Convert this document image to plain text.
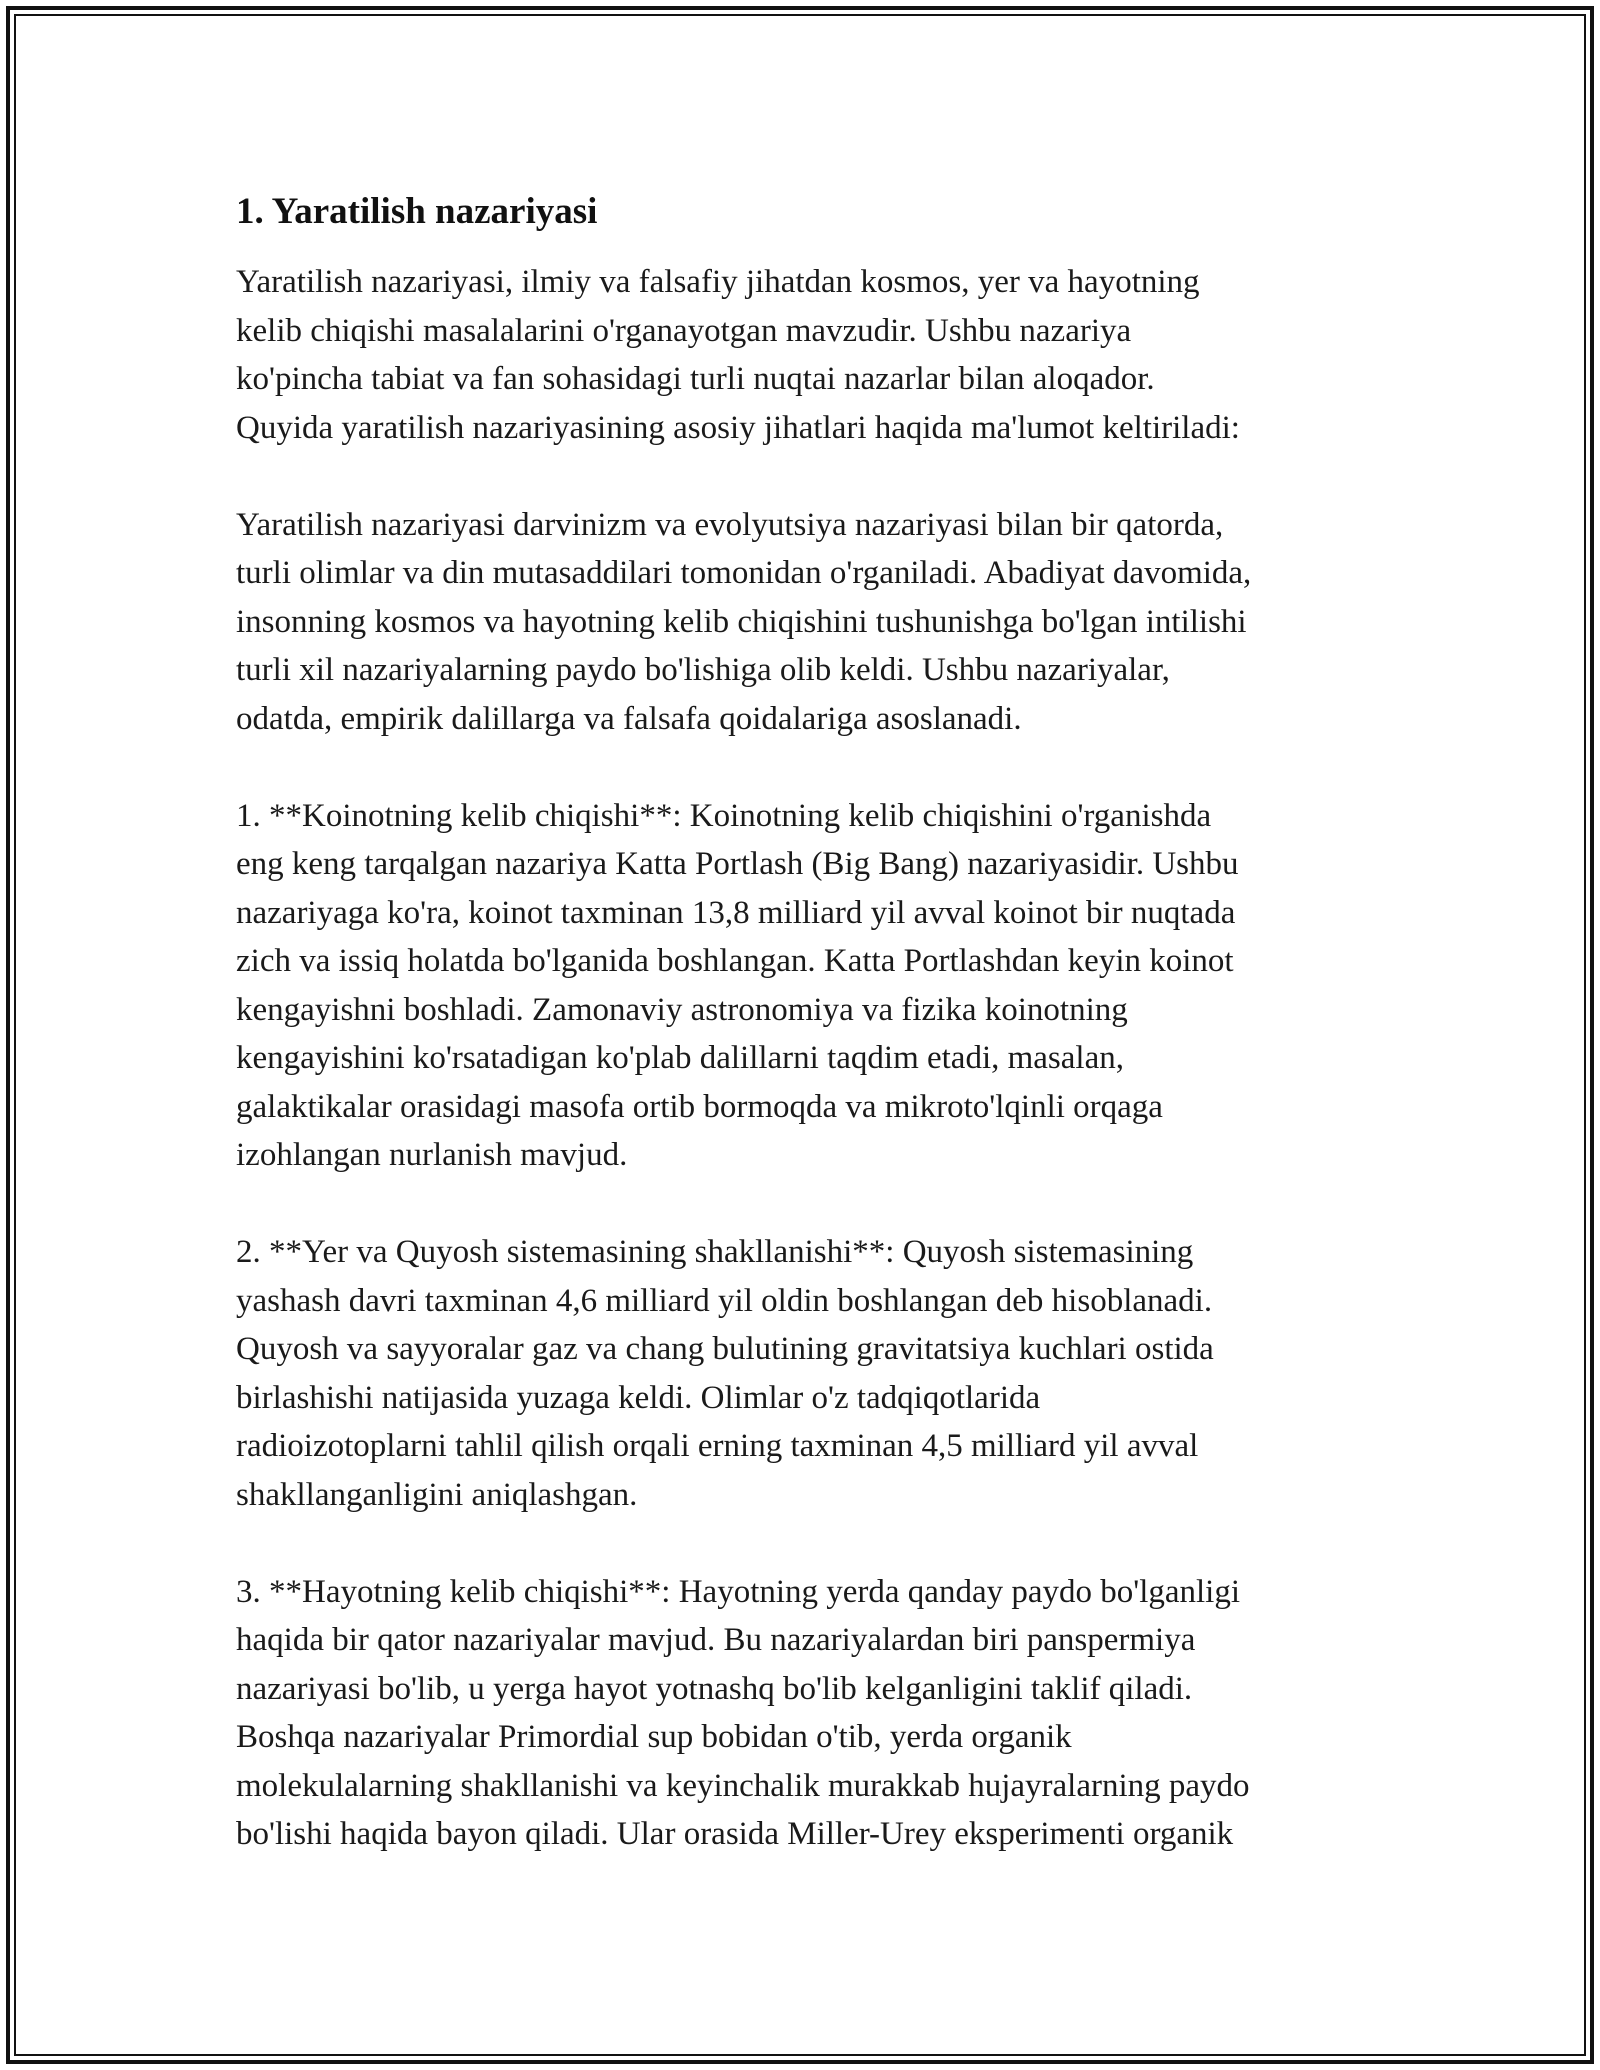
1. Yaratilish nazariyasi

Yaratilish nazariyasi, ilmiy va falsafiy jihatdan kosmos, yer va hayotning
kelib chiqishi masalalarini o'rganayotgan mavzudir. Ushbu nazariya
ko'pincha tabiat va fan sohasidagi turli nuqtai nazarlar bilan aloqador.
Quyida yaratilish nazariyasining asosiy jihatlari haqida ma'lumot keltiriladi:

Yaratilish nazariyasi darvinizm va evolyutsiya nazariyasi bilan bir qatorda,
turli olimlar va din mutasaddilari tomonidan o'rganiladi. Abadiyat davomida,
insonning kosmos va hayotning kelib chiqishini tushunishga bo'lgan intilishi
turli xil nazariyalarning paydo bo'lishiga olib keldi. Ushbu nazariyalar,
odatda, empirik dalillarga va falsafa qoidalariga asoslanadi.

1. **Koinotning kelib chiqishi**: Koinotning kelib chiqishini o'rganishda
eng keng tarqalgan nazariya Katta Portlash (Big Bang) nazariyasidir. Ushbu
nazariyaga ko'ra, koinot taxminan 13,8 milliard yil avval koinot bir nuqtada
zich va issiq holatda bo'lganida boshlangan. Katta Portlashdan keyin koinot
kengayishni boshladi. Zamonaviy astronomiya va fizika koinotning
kengayishini ko'rsatadigan ko'plab dalillarni taqdim etadi, masalan,
galaktikalar orasidagi masofa ortib bormoqda va mikroto'lqinli orqaga
izohlangan nurlanish mavjud.

2. **Yer va Quyosh sistemasining shakllanishi**: Quyosh sistemasining
yashash davri taxminan 4,6 milliard yil oldin boshlangan deb hisoblanadi.
Quyosh va sayyoralar gaz va chang bulutining gravitatsiya kuchlari ostida
birlashishi natijasida yuzaga keldi. Olimlar o'z tadqiqotlarida
radioizotoplarni tahlil qilish orqali erning taxminan 4,5 milliard yil avval
shakllanganligini aniqlashgan.

3. **Hayotning kelib chiqishi**: Hayotning yerda qanday paydo bo'lganligi
haqida bir qator nazariyalar mavjud. Bu nazariyalardan biri panspermiya
nazariyasi bo'lib, u yerga hayot yotnashq bo'lib kelganligini taklif qiladi.
Boshqa nazariyalar Primordial sup bobidan o'tib, yerda organik
molekulalarning shakllanishi va keyinchalik murakkab hujayralarning paydo
bo'lishi haqida bayon qiladi. Ular orasida Miller-Urey eksperimenti organik
